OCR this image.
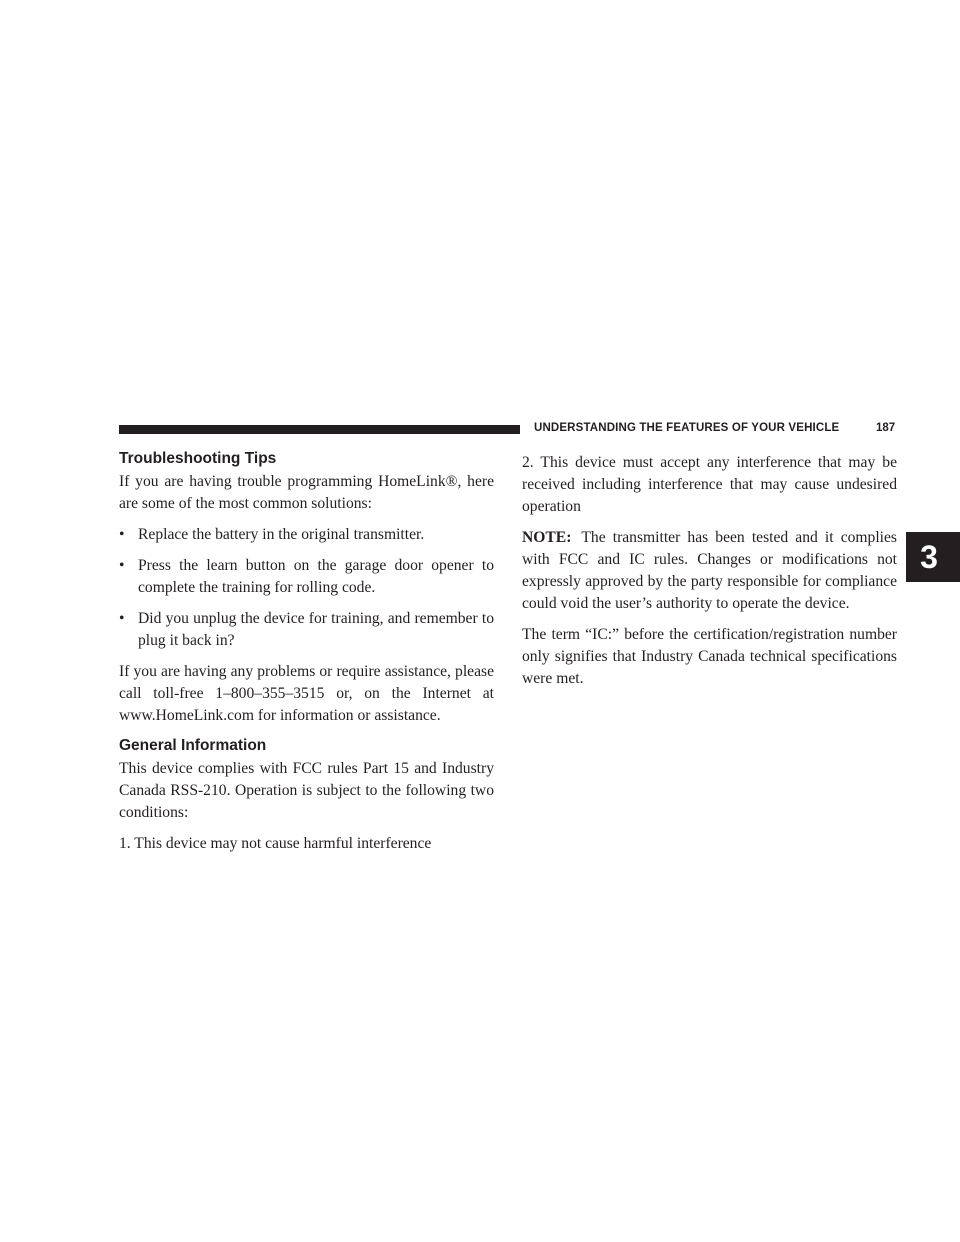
UNDERSTANDING THE FEATURES OF YOUR VEHICLE	187
3
Troubleshooting Tips

If you are having trouble programming HomeLink®, here are some of the most common solutions:

• Replace the battery in the original transmitter.
• Press the learn button on the garage door opener to complete the training for rolling code.
• Did you unplug the device for training, and remember to plug it back in?

If you are having any problems or require assistance, please call toll-free 1–800–355–3515 or, on the Internet at www.HomeLink.com for information or assistance.

General Information

This device complies with FCC rules Part 15 and Industry Canada RSS-210. Operation is subject to the following two conditions:

1. This device may not cause harmful interference

2. This device must accept any interference that may be received including interference that may cause undesired operation

NOTE: The transmitter has been tested and it complies with FCC and IC rules. Changes or modifications not expressly approved by the party responsible for compliance could void the user’s authority to operate the device.

The term “IC:” before the certification/registration number only signifies that Industry Canada technical specifications were met.
